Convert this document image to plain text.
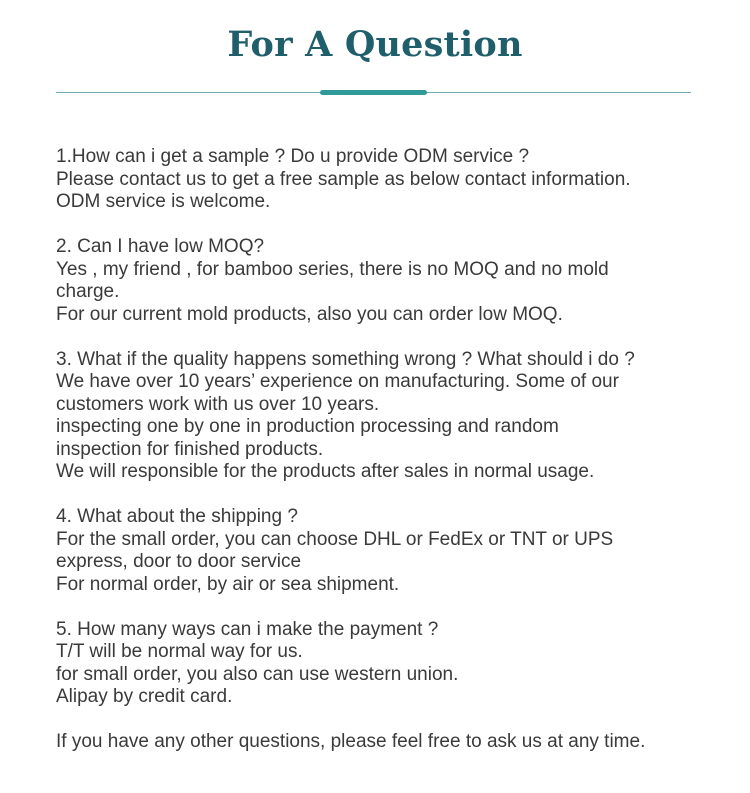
For A Question
1.How can i get a sample ? Do u provide ODM service ?
Please contact us to get a free sample as below contact information.
ODM service is welcome.
2. Can I have low MOQ?
Yes , my friend , for bamboo series, there is no MOQ and no mold
charge.
For our current mold products, also you can order low MOQ.
3. What if the quality happens something wrong ? What should i do ?
We have over 10 years’ experience on manufacturing. Some of our
customers work with us over 10 years.
inspecting one by one in production processing and random
inspection for finished products.
We will responsible for the products after sales in normal usage.
4. What about the shipping ?
For the small order, you can choose DHL or FedEx or TNT or UPS
express, door to door service
For normal order, by air or sea shipment.
5. How many ways can i make the payment ?
T/T will be normal way for us.
for small order, you also can use western union.
Alipay by credit card.
If you have any other questions, please feel free to ask us at any time.
